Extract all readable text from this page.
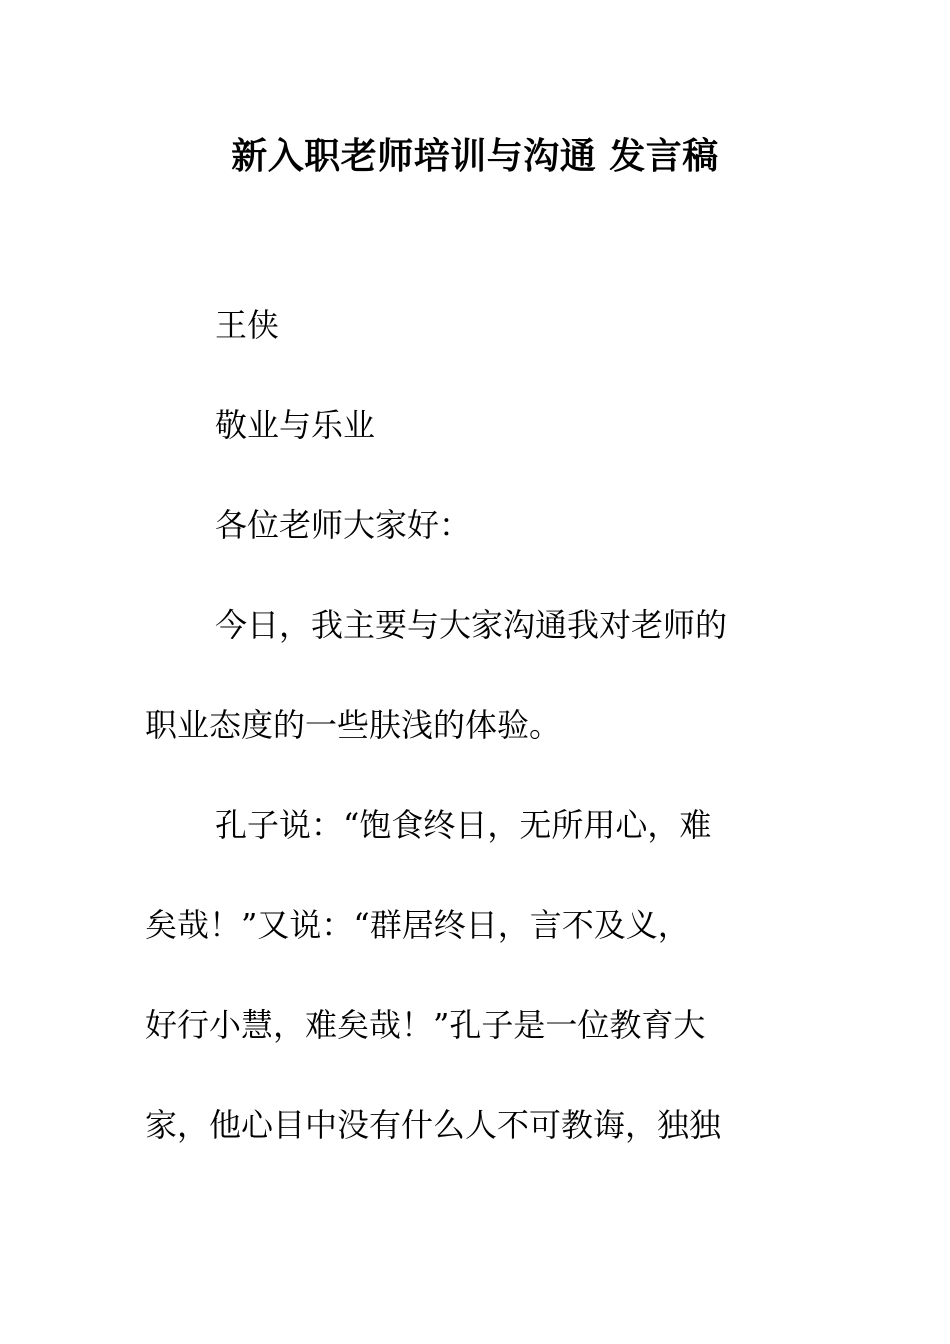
新入职老师培训与沟通 发言稿
王侠
敬业与乐业
各位老师大家好：
今日，我主要与大家沟通我对老师的
职业态度的一些肤浅的体验。
孔子说：“饱食终日，无所用心，难
矣哉！”又说：“群居终日，言不及义，
好行小慧，难矣哉！”孔子是一位教育大
家，他心目中没有什么人不可教诲，独独
